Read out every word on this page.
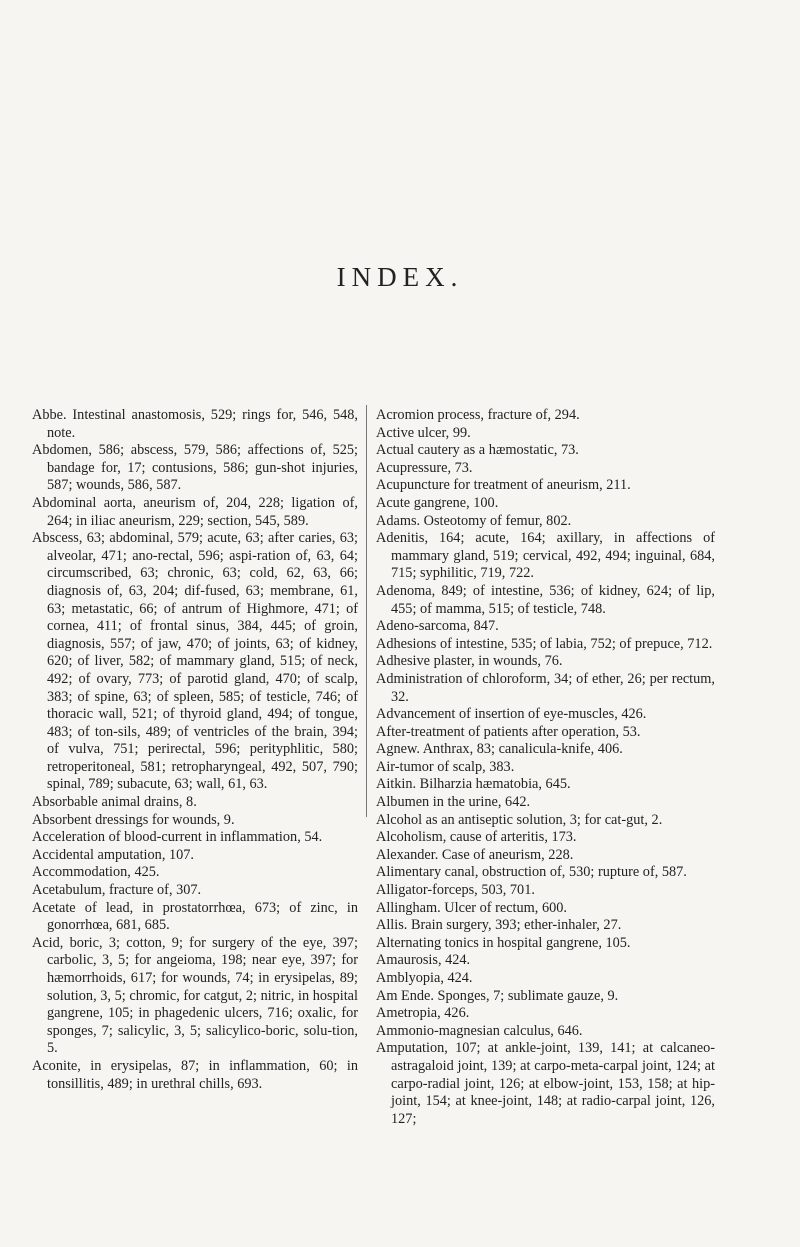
INDEX.

Abbe. Intestinal anastomosis, 529; rings for, 546, 548, note.

Abdomen, 586; abscess, 579, 586; affections of, 525; bandage for, 17; contusions, 586; gun-shot injuries, 587; wounds, 586, 587.

Abdominal aorta, aneurism of, 204, 228; ligation of, 264; in iliac aneurism, 229; section, 545, 589.

Abscess, 63; abdominal, 579; acute, 63; after caries, 63; alveolar, 471; ano-rectal, 596; aspi-ration of, 63, 64; circumscribed, 63; chronic, 63; cold, 62, 63, 66; diagnosis of, 63, 204; dif-fused, 63; membrane, 61, 63; metastatic, 66; of antrum of Highmore, 471; of cornea, 411; of frontal sinus, 384, 445; of groin, diagnosis, 557; of jaw, 470; of joints, 63; of kidney, 620; of liver, 582; of mammary gland, 515; of neck, 492; of ovary, 773; of parotid gland, 470; of scalp, 383; of spine, 63; of spleen, 585; of testicle, 746; of thoracic wall, 521; of thyroid gland, 494; of tongue, 483; of ton-sils, 489; of ventricles of the brain, 394; of vulva, 751; perirectal, 596; perityphlitic, 580; retroperitoneal, 581; retropharyngeal, 492, 507, 790; spinal, 789; subacute, 63; wall, 61, 63.

Absorbable animal drains, 8.

Absorbent dressings for wounds, 9.

Acceleration of blood-current in inflammation, 54.

Accidental amputation, 107.

Accommodation, 425.

Acetabulum, fracture of, 307.

Acetate of lead, in prostatorrhœa, 673; of zinc, in gonorrhœa, 681, 685.

Acid, boric, 3; cotton, 9; for surgery of the eye, 397; carbolic, 3, 5; for angeioma, 198; near eye, 397; for hæmorrhoids, 617; for wounds, 74; in erysipelas, 89; solution, 3, 5; chromic, for catgut, 2; nitric, in hospital gangrene, 105; in phagedenic ulcers, 716; oxalic, for sponges, 7; salicylic, 3, 5; salicylico-boric, solu-tion, 5.

Aconite, in erysipelas, 87; in inflammation, 60; in tonsillitis, 489; in urethral chills, 693.

Acromion process, fracture of, 294.

Active ulcer, 99.

Actual cautery as a hæmostatic, 73.

Acupressure, 73.

Acupuncture for treatment of aneurism, 211.

Acute gangrene, 100.

Adams. Osteotomy of femur, 802.

Adenitis, 164; acute, 164; axillary, in affections of mammary gland, 519; cervical, 492, 494; inguinal, 684, 715; syphilitic, 719, 722.

Adenoma, 849; of intestine, 536; of kidney, 624; of lip, 455; of mamma, 515; of testicle, 748.

Adeno-sarcoma, 847.

Adhesions of intestine, 535; of labia, 752; of prepuce, 712.

Adhesive plaster, in wounds, 76.

Administration of chloroform, 34; of ether, 26; per rectum, 32.

Advancement of insertion of eye-muscles, 426.

After-treatment of patients after operation, 53.

Agnew. Anthrax, 83; canalicula-knife, 406.

Air-tumor of scalp, 383.

Aitkin. Bilharzia hæmatobia, 645.

Albumen in the urine, 642.

Alcohol as an antiseptic solution, 3; for cat-gut, 2.

Alcoholism, cause of arteritis, 173.

Alexander. Case of aneurism, 228.

Alimentary canal, obstruction of, 530; rupture of, 587.

Alligator-forceps, 503, 701.

Allingham. Ulcer of rectum, 600.

Allis. Brain surgery, 393; ether-inhaler, 27.

Alternating tonics in hospital gangrene, 105.

Amaurosis, 424.

Amblyopia, 424.

Am Ende. Sponges, 7; sublimate gauze, 9.

Ametropia, 426.

Ammonio-magnesian calculus, 646.

Amputation, 107; at ankle-joint, 139, 141; at calcaneo-astragaloid joint, 139; at carpo-meta-carpal joint, 124; at carpo-radial joint, 126; at elbow-joint, 153, 158; at hip-joint, 154; at knee-joint, 148; at radio-carpal joint, 126, 127;
